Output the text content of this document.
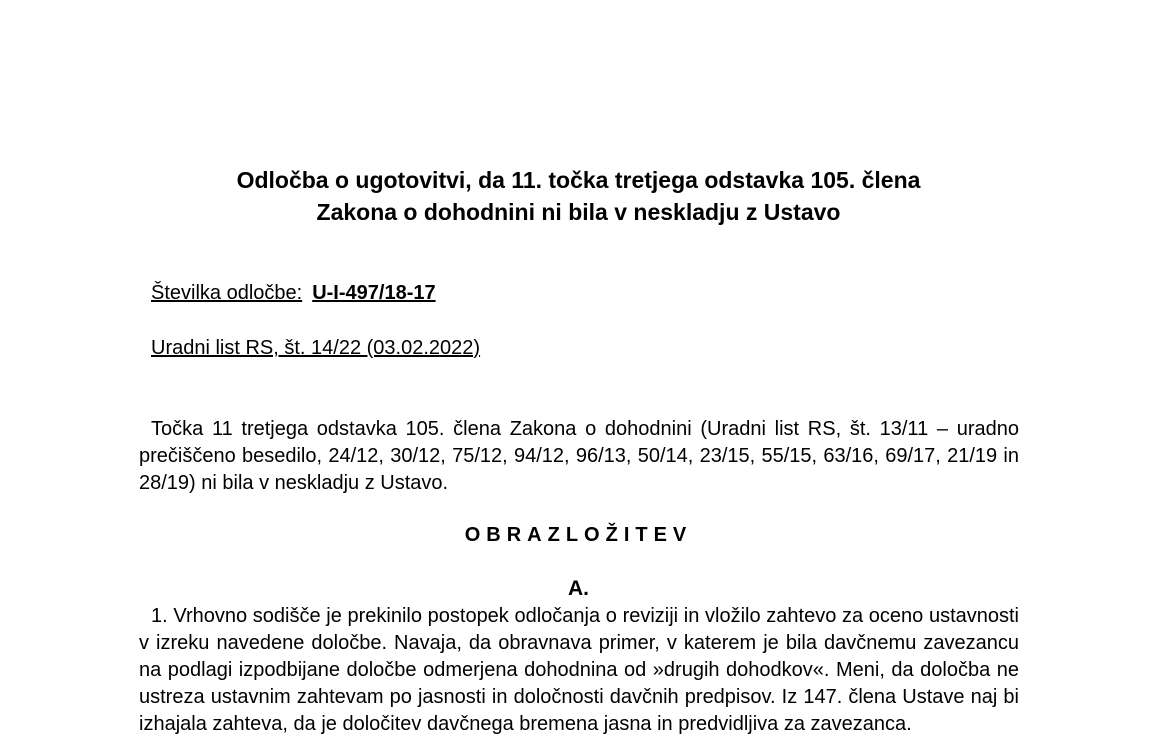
Odločba o ugotovitvi, da 11. točka tretjega odstavka 105. člena
Zakona o dohodnini ni bila v neskladju z Ustavo
Številka odločbe: U-I-497/18-17
Uradni list RS, št. 14/22 (03.02.2022)

Točka 11 tretjega odstavka 105. člena Zakona o dohodnini (Uradni list RS, št. 13/11 – uradno prečiščeno besedilo, 24/12, 30/12, 75/12, 94/12, 96/13, 50/14, 23/15, 55/15, 63/16, 69/17, 21/19 in 28/19) ni bila v neskladju z Ustavo.

OBRAZLOŽITEV
A.

1. Vrhovno sodišče je prekinilo postopek odločanja o reviziji in vložilo zahtevo za oceno ustavnosti v izreku navedene določbe. Navaja, da obravnava primer, v katerem je bila davčnemu zavezancu na podlagi izpodbijane določbe odmerjena dohodnina od »drugih dohodkov«. Meni, da določba ne ustreza ustavnim zahtevam po jasnosti in določnosti davčnih predpisov. Iz 147. člena Ustave naj bi izhajala zahteva, da je določitev davčnega bremena jasna in predvidljiva za zavezanca.
